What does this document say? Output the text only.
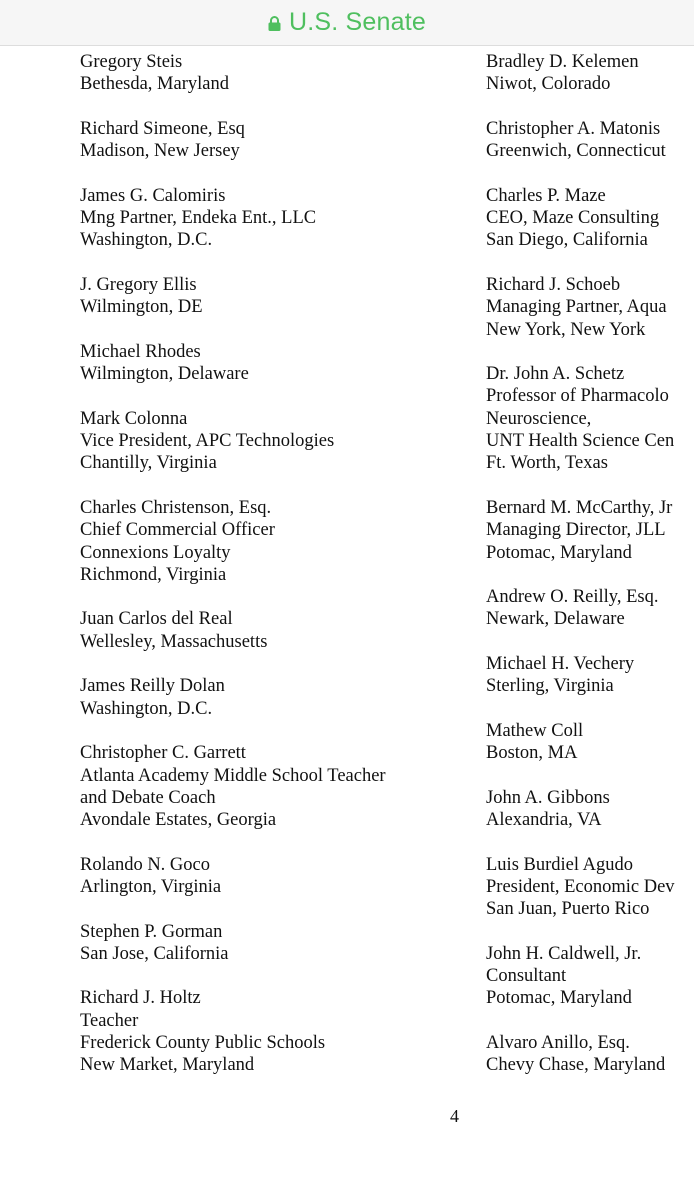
U.S. Senate
Gregory Steis
Bethesda, Maryland
Richard Simeone, Esq
Madison, New Jersey
James G. Calomiris
Mng Partner, Endeka Ent., LLC
Washington, D.C.
J. Gregory Ellis
Wilmington, DE
Michael Rhodes
Wilmington, Delaware
Mark Colonna
Vice President, APC Technologies
Chantilly, Virginia
Charles Christenson, Esq.
Chief Commercial Officer
Connexions Loyalty
Richmond, Virginia
Juan Carlos del Real
Wellesley, Massachusetts
James Reilly Dolan
Washington, D.C.
Christopher C. Garrett
Atlanta Academy Middle School Teacher
and Debate Coach
Avondale Estates, Georgia
Rolando N. Goco
Arlington, Virginia
Stephen P. Gorman
San Jose, California
Richard J. Holtz
Teacher
Frederick County Public Schools
New Market, Maryland
Bradley D. Kelemen
Niwot, Colorado
Christopher A. Matonis
Greenwich, Connecticut
Charles P. Maze
CEO, Maze Consulting
San Diego, California
Richard J. Schoeb
Managing Partner, Aqua
New York, New York
Dr. John A. Schetz
Professor of Pharmacolo
Neuroscience,
UNT Health Science Cen
Ft. Worth, Texas
Bernard M. McCarthy, Jr
Managing Director, JLL
Potomac, Maryland
Andrew O. Reilly, Esq.
Newark, Delaware
Michael H. Vechery
Sterling, Virginia
Mathew Coll
Boston, MA
John A. Gibbons
Alexandria, VA
Luis Burdiel Agudo
President, Economic Dev
San Juan, Puerto Rico
John H. Caldwell, Jr.
Consultant
Potomac, Maryland
Alvaro Anillo, Esq.
Chevy Chase, Maryland
4
